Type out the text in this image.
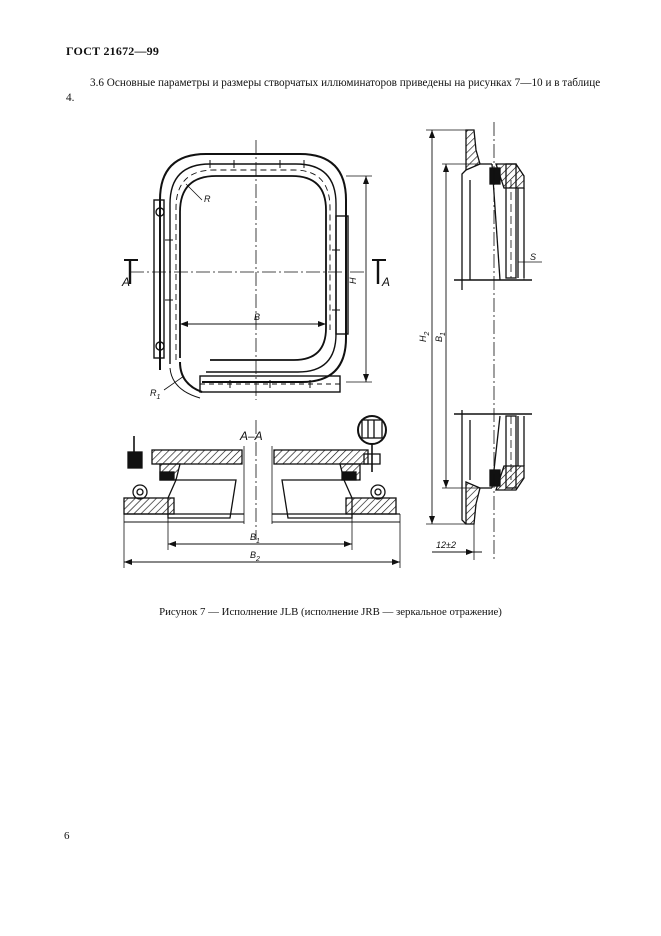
ГОСТ 21672—99
3.6 Основные параметры и размеры створчатых иллюминаторов приведены на рисунках 7—10 и в таблице 4.
R
$R_1$
B
H
A	A
$H_2$
$B_1$
S
12±2
A–A
$B_1$
$B_2$
Рисунок 7 — Исполнение JLB (исполнение JRB — зеркальное отражение)
6
